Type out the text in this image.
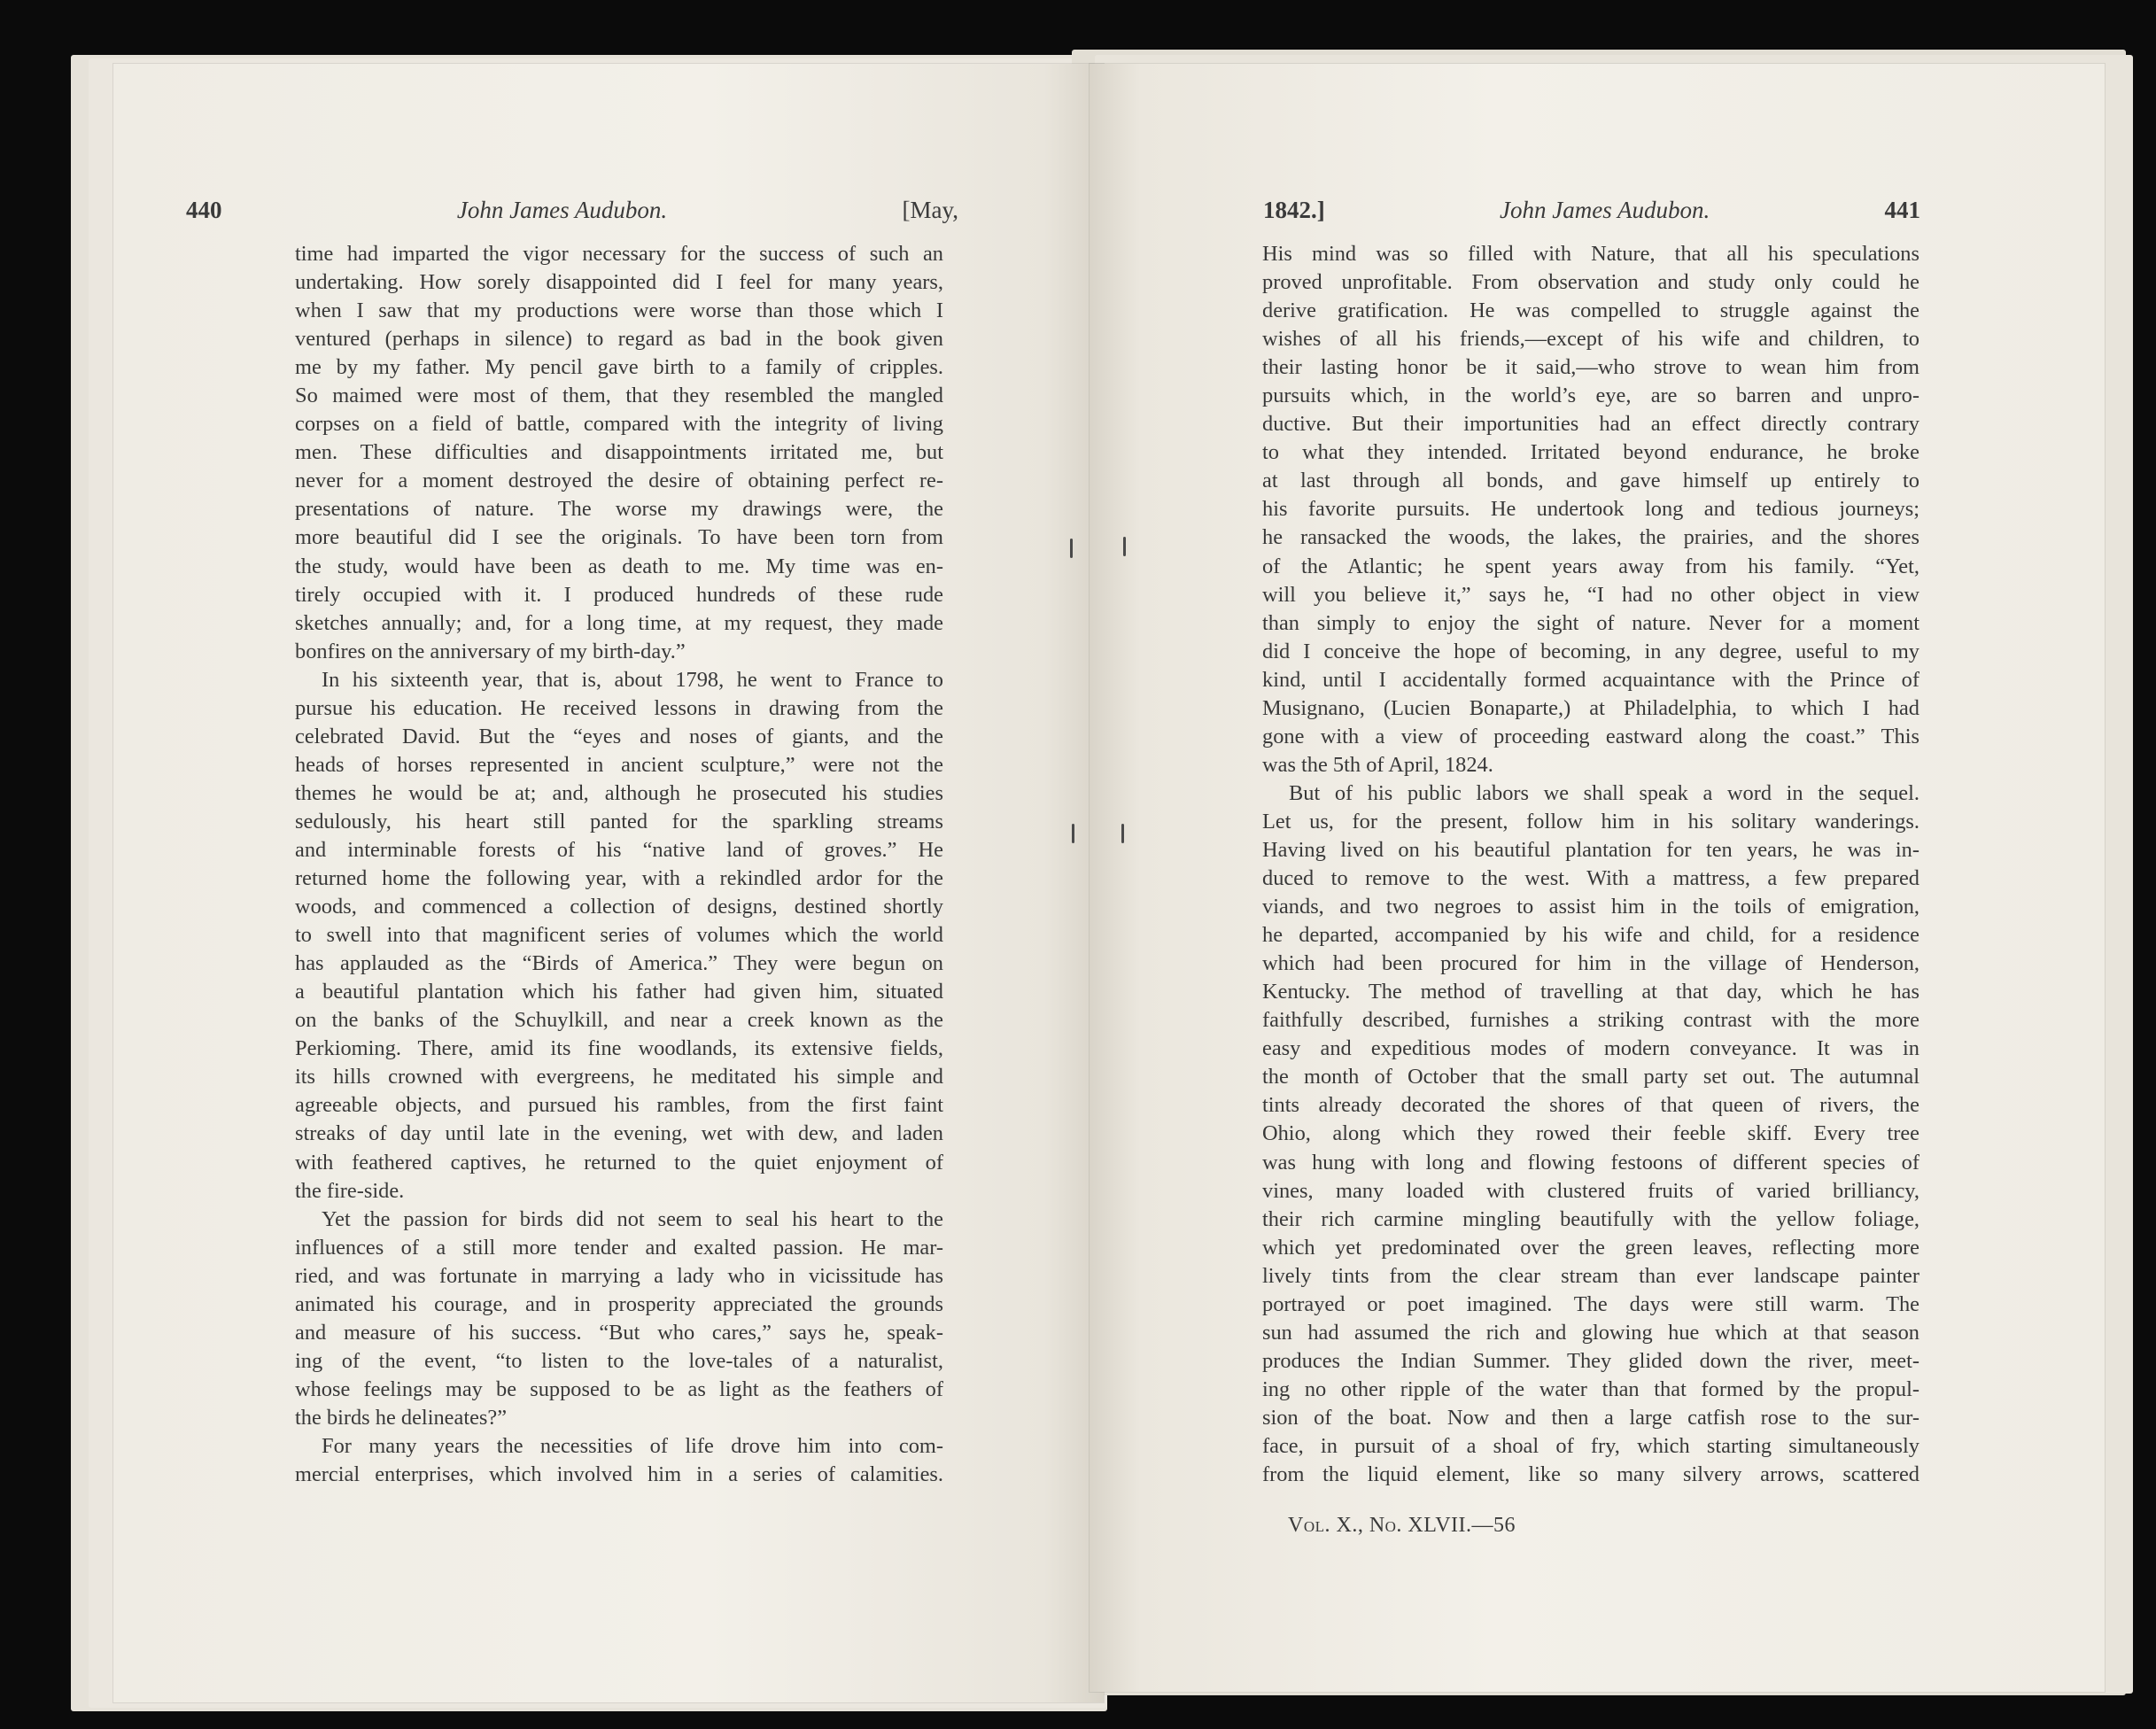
440	John James Audubon.	[May,	1842.]	John James Audubon.	441
time had imparted the vigor necessary for the success of such an
undertaking. How sorely disappointed did I feel for many years,
when I saw that my productions were worse than those which I
ventured (perhaps in silence) to regard as bad in the book given
me by my father. My pencil gave birth to a family of cripples.
So maimed were most of them, that they resembled the mangled
corpses on a field of battle, compared with the integrity of living
men. These difficulties and disappointments irritated me, but
never for a moment destroyed the desire of obtaining perfect re-
presentations of nature. The worse my drawings were, the
more beautiful did I see the originals. To have been torn from
the study, would have been as death to me. My time was en-
tirely occupied with it. I produced hundreds of these rude
sketches annually; and, for a long time, at my request, they made
bonfires on the anniversary of my birth-day.”
In his sixteenth year, that is, about 1798, he went to France to
pursue his education. He received lessons in drawing from the
celebrated David. But the “eyes and noses of giants, and the
heads of horses represented in ancient sculpture,” were not the
themes he would be at; and, although he prosecuted his studies
sedulously, his heart still panted for the sparkling streams
and interminable forests of his “native land of groves.” He
returned home the following year, with a rekindled ardor for the
woods, and commenced a collection of designs, destined shortly
to swell into that magnificent series of volumes which the world
has applauded as the “Birds of America.” They were begun on
a beautiful plantation which his father had given him, situated
on the banks of the Schuylkill, and near a creek known as the
Perkioming. There, amid its fine woodlands, its extensive fields,
its hills crowned with evergreens, he meditated his simple and
agreeable objects, and pursued his rambles, from the first faint
streaks of day until late in the evening, wet with dew, and laden
with feathered captives, he returned to the quiet enjoyment of
the fire-side.
Yet the passion for birds did not seem to seal his heart to the
influences of a still more tender and exalted passion. He mar-
ried, and was fortunate in marrying a lady who in vicissitude has
animated his courage, and in prosperity appreciated the grounds
and measure of his success. “But who cares,” says he, speak-
ing of the event, “to listen to the love-tales of a naturalist,
whose feelings may be supposed to be as light as the feathers of
the birds he delineates?”
For many years the necessities of life drove him into com-
mercial enterprises, which involved him in a series of calamities.
His mind was so filled with Nature, that all his speculations
proved unprofitable. From observation and study only could he
derive gratification. He was compelled to struggle against the
wishes of all his friends,—except of his wife and children, to
their lasting honor be it said,—who strove to wean him from
pursuits which, in the world’s eye, are so barren and unpro-
ductive. But their importunities had an effect directly contrary
to what they intended. Irritated beyond endurance, he broke
at last through all bonds, and gave himself up entirely to
his favorite pursuits. He undertook long and tedious journeys;
he ransacked the woods, the lakes, the prairies, and the shores
of the Atlantic; he spent years away from his family. “Yet,
will you believe it,” says he, “I had no other object in view
than simply to enjoy the sight of nature. Never for a moment
did I conceive the hope of becoming, in any degree, useful to my
kind, until I accidentally formed acquaintance with the Prince of
Musignano, (Lucien Bonaparte,) at Philadelphia, to which I had
gone with a view of proceeding eastward along the coast.” This
was the 5th of April, 1824.
But of his public labors we shall speak a word in the sequel.
Let us, for the present, follow him in his solitary wanderings.
Having lived on his beautiful plantation for ten years, he was in-
duced to remove to the west. With a mattress, a few prepared
viands, and two negroes to assist him in the toils of emigration,
he departed, accompanied by his wife and child, for a residence
which had been procured for him in the village of Henderson,
Kentucky. The method of travelling at that day, which he has
faithfully described, furnishes a striking contrast with the more
easy and expeditious modes of modern conveyance. It was in
the month of October that the small party set out. The autumnal
tints already decorated the shores of that queen of rivers, the
Ohio, along which they rowed their feeble skiff. Every tree
was hung with long and flowing festoons of different species of
vines, many loaded with clustered fruits of varied brilliancy,
their rich carmine mingling beautifully with the yellow foliage,
which yet predominated over the green leaves, reflecting more
lively tints from the clear stream than ever landscape painter
portrayed or poet imagined. The days were still warm. The
sun had assumed the rich and glowing hue which at that season
produces the Indian Summer. They glided down the river, meet-
ing no other ripple of the water than that formed by the propul-
sion of the boat. Now and then a large catfish rose to the sur-
face, in pursuit of a shoal of fry, which starting simultaneously
from the liquid element, like so many silvery arrows, scattered
Vol. X., No. XLVII.—56
